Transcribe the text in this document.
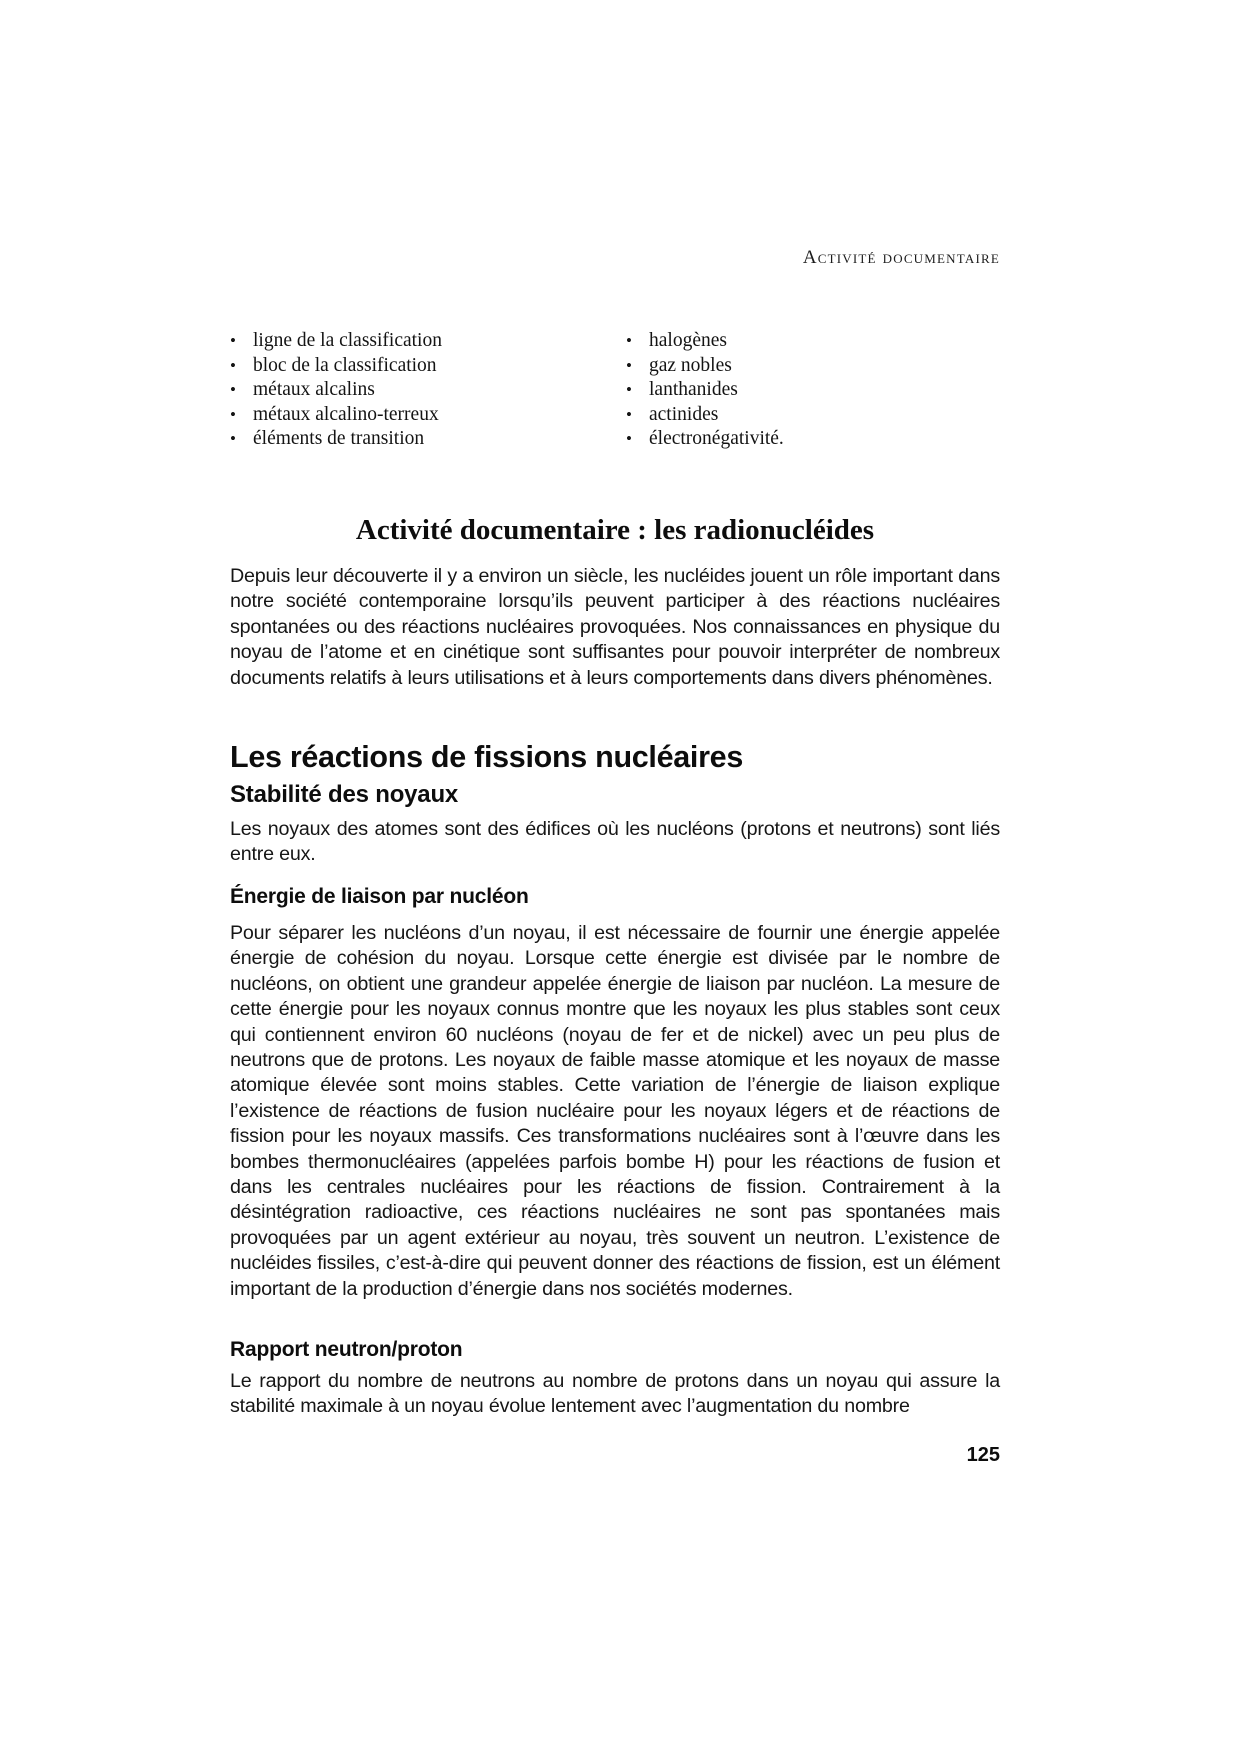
Activité documentaire
• ligne de la classification
• bloc de la classification
• métaux alcalins
• métaux alcalino-terreux
• éléments de transition
• halogènes
• gaz nobles
• lanthanides
• actinides
• électronégativité.
Activité documentaire : les radionucléides

Depuis leur découverte il y a environ un siècle, les nucléides jouent un rôle important dans notre société contemporaine lorsqu’ils peuvent participer à des réactions nucléaires spontanées ou des réactions nucléaires provoquées. Nos connaissances en physique du noyau de l’atome et en cinétique sont suffisantes pour pouvoir interpréter de nombreux documents relatifs à leurs utilisations et à leurs comportements dans divers phénomènes.

Les réactions de fissions nucléaires
Stabilité des noyaux

Les noyaux des atomes sont des édifices où les nucléons (protons et neutrons) sont liés entre eux.

Énergie de liaison par nucléon

Pour séparer les nucléons d’un noyau, il est nécessaire de fournir une énergie appelée énergie de cohésion du noyau. Lorsque cette énergie est divisée par le nombre de nucléons, on obtient une grandeur appelée énergie de liaison par nucléon. La mesure de cette énergie pour les noyaux connus montre que les noyaux les plus stables sont ceux qui contiennent environ 60 nucléons (noyau de fer et de nickel) avec un peu plus de neutrons que de protons. Les noyaux de faible masse atomique et les noyaux de masse atomique élevée sont moins stables. Cette variation de l’énergie de liaison explique l’existence de réactions de fusion nucléaire pour les noyaux légers et de réactions de fission pour les noyaux massifs. Ces transformations nucléaires sont à l’œuvre dans les bombes thermonucléaires (appelées parfois bombe H) pour les réactions de fusion et dans les centrales nucléaires pour les réactions de fission. Contrairement à la désintégration radioactive, ces réactions nucléaires ne sont pas spontanées mais provoquées par un agent extérieur au noyau, très souvent un neutron. L’existence de nucléides fissiles, c’est-à-dire qui peuvent donner des réactions de fission, est un élément important de la production d’énergie dans nos sociétés modernes.

Rapport neutron/proton

Le rapport du nombre de neutrons au nombre de protons dans un noyau qui assure la stabilité maximale à un noyau évolue lentement avec l’augmentation du nombre

125
